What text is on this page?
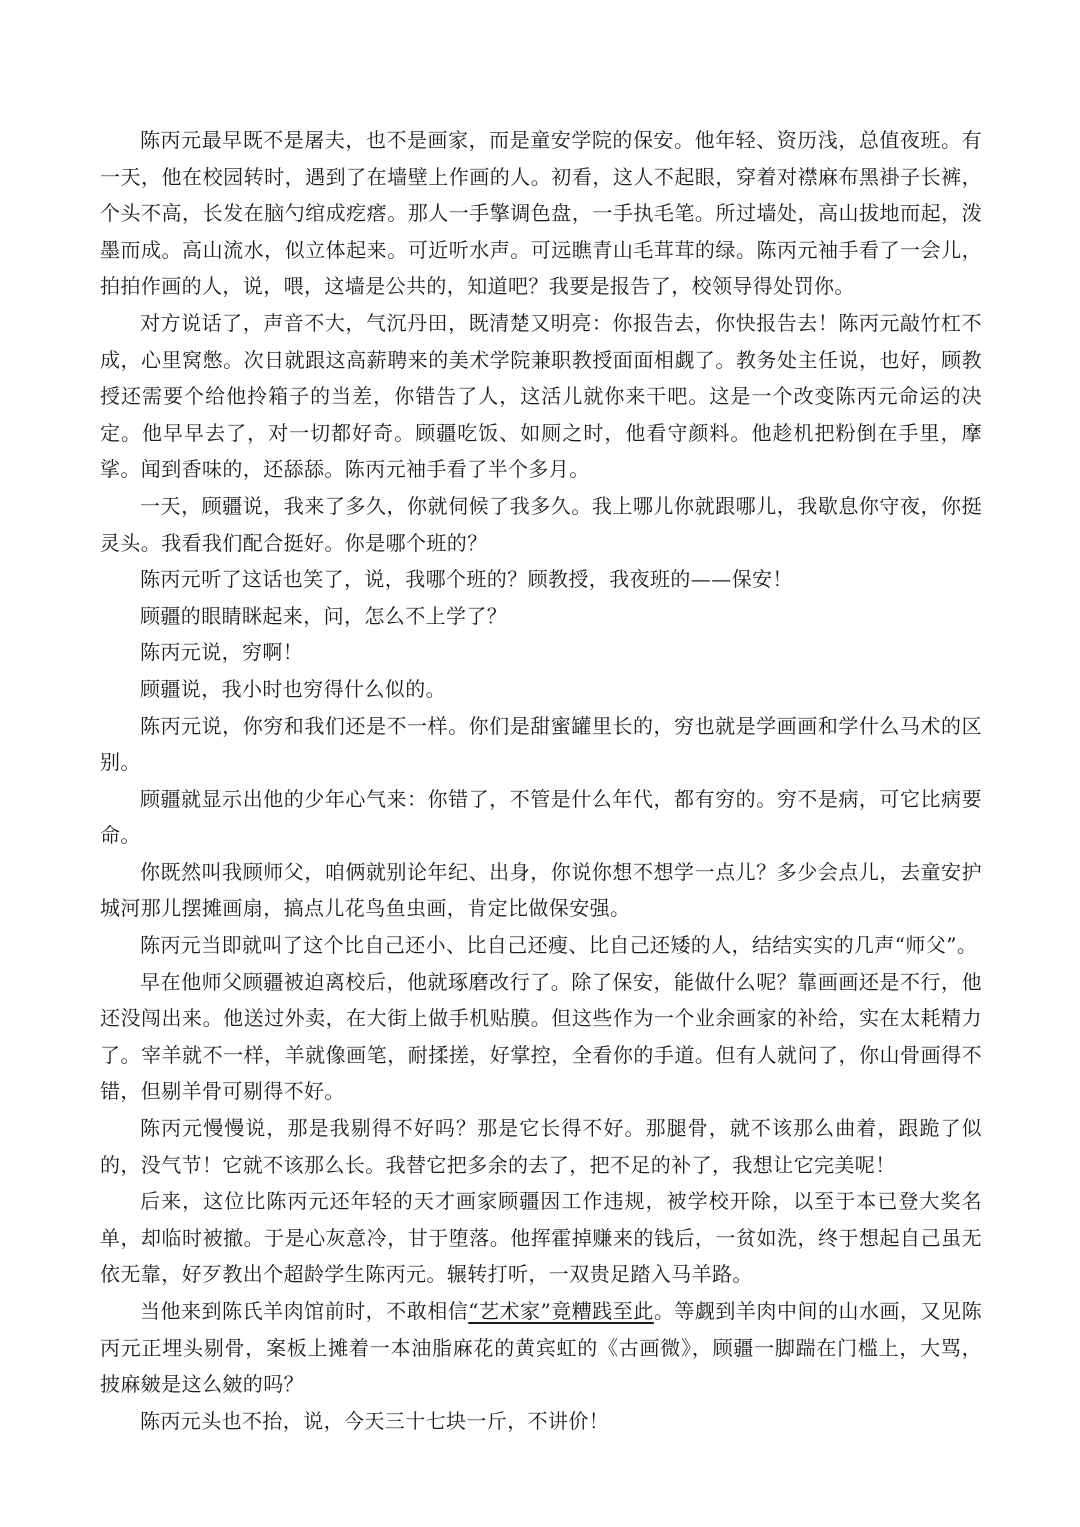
陈丙元最早既不是屠夫，也不是画家，而是童安学院的保安。他年轻、资历浅，总值夜班。有一天，他在校园转时，遇到了在墙壁上作画的人。初看，这人不起眼，穿着对襟麻布黑褂子长裤，个头不高，长发在脑勺绾成疙瘩。那人一手擎调色盘，一手执毛笔。所过墙处，高山拔地而起，泼墨而成。高山流水，似立体起来。可近听水声。可远瞧青山毛茸茸的绿。陈丙元袖手看了一会儿，拍拍作画的人，说，喂，这墙是公共的，知道吧？我要是报告了，校领导得处罚你。

对方说话了，声音不大，气沉丹田，既清楚又明亮：你报告去，你快报告去！陈丙元敲竹杠不成，心里窝憋。次日就跟这高薪聘来的美术学院兼职教授面面相觑了。教务处主任说，也好，顾教授还需要个给他拎箱子的当差，你错告了人，这活儿就你来干吧。这是一个改变陈丙元命运的决定。他早早去了，对一切都好奇。顾疆吃饭、如厕之时，他看守颜料。他趁机把粉倒在手里，摩挲。闻到香味的，还舔舔。陈丙元袖手看了半个多月。

一天，顾疆说，我来了多久，你就伺候了我多久。我上哪儿你就跟哪儿，我歇息你守夜，你挺灵头。我看我们配合挺好。你是哪个班的？

陈丙元听了这话也笑了，说，我哪个班的？顾教授，我夜班的——保安！

顾疆的眼睛眯起来，问，怎么不上学了？

陈丙元说，穷啊！

顾疆说，我小时也穷得什么似的。

陈丙元说，你穷和我们还是不一样。你们是甜蜜罐里长的，穷也就是学画画和学什么马术的区别。

顾疆就显示出他的少年心气来：你错了，不管是什么年代，都有穷的。穷不是病，可它比病要命。

你既然叫我顾师父，咱俩就别论年纪、出身，你说你想不想学一点儿？多少会点儿，去童安护城河那儿摆摊画扇，搞点儿花鸟鱼虫画，肯定比做保安强。

陈丙元当即就叫了这个比自己还小、比自己还瘦、比自己还矮的人，结结实实的几声“师父”。

早在他师父顾疆被迫离校后，他就琢磨改行了。除了保安，能做什么呢？靠画画还是不行，他还没闯出来。他送过外卖，在大街上做手机贴膜。但这些作为一个业余画家的补给，实在太耗精力了。宰羊就不一样，羊就像画笔，耐揉搓，好掌控，全看你的手道。但有人就问了，你山骨画得不错，但剔羊骨可剔得不好。

陈丙元慢慢说，那是我剔得不好吗？那是它长得不好。那腿骨，就不该那么曲着，跟跪了似的，没气节！它就不该那么长。我替它把多余的去了，把不足的补了，我想让它完美呢！

后来，这位比陈丙元还年轻的天才画家顾疆因工作违规，被学校开除，以至于本已登大奖名单，却临时被撤。于是心灰意冷，甘于堕落。他挥霍掉赚来的钱后，一贫如洗，终于想起自己虽无依无靠，好歹教出个超龄学生陈丙元。辗转打听，一双贵足踏入马羊路。

当他来到陈氏羊肉馆前时，不敢相信“艺术家”竟糟践至此。等觑到羊肉中间的山水画，又见陈丙元正埋头剔骨，案板上摊着一本油脂麻花的黄宾虹的《古画微》，顾疆一脚踹在门槛上，大骂，披麻皴是这么皴的吗？

陈丙元头也不抬，说，今天三十七块一斤，不讲价！
